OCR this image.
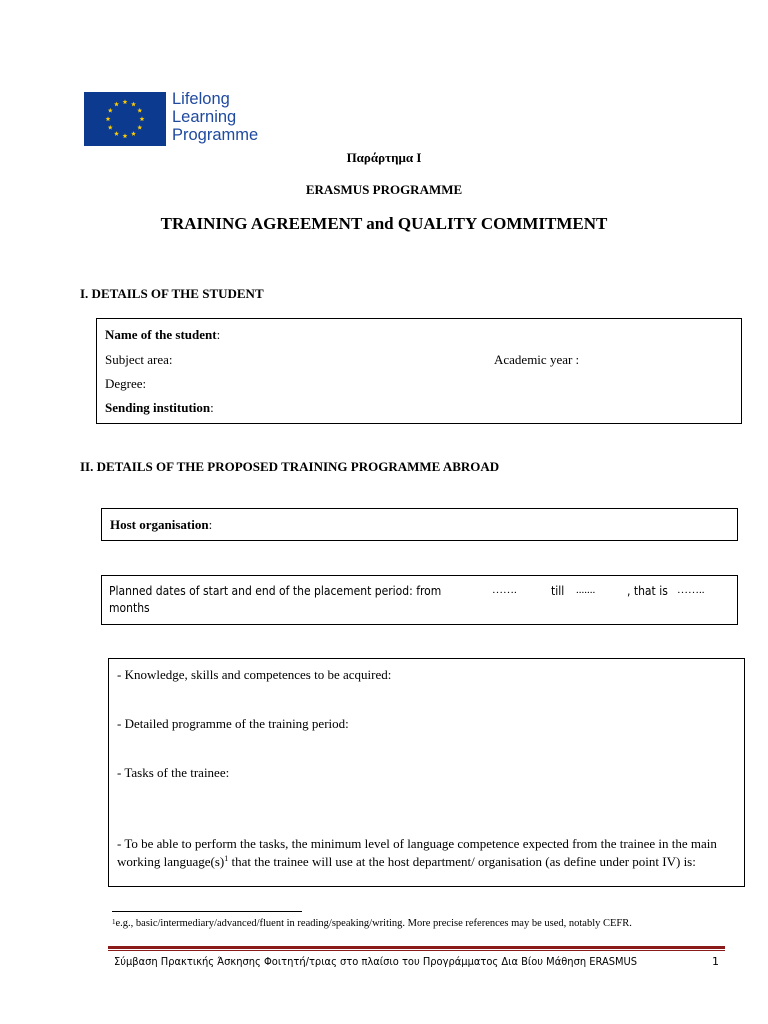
Lifelong
Learning
Programme
Παράρτημα Ι
ERASMUS PROGRAMME
TRAINING AGREEMENT and QUALITY COMMITMENT
I. DETAILS OF THE STUDENT
Name of the student:
Subject area:	Academic year :
Degree:
Sending institution:
II. DETAILS OF THE PROPOSED TRAINING PROGRAMME ABROAD
Host organisation:
Planned dates of start and end of the placement period: from	…….	till .......	, that is ……..
months
- Knowledge, skills and competences to be acquired:
- Detailed programme of the training period:
- Tasks of the trainee:
- To be able to perform the tasks, the minimum level of language competence expected from the trainee in the main working $language(s)^1$ that the trainee will use at the host department/ organisation (as define under point IV) is:
$^1$e.g., basic/intermediary/advanced/fluent in reading/speaking/writing. More precise references may be used, notably CEFR.
Σύμβαση Πρακτικής Άσκησης Φοιτητή/τριας στο πλαίσιο του Προγράμματος Δια Βίου Μάθηση ERASMUS	1
